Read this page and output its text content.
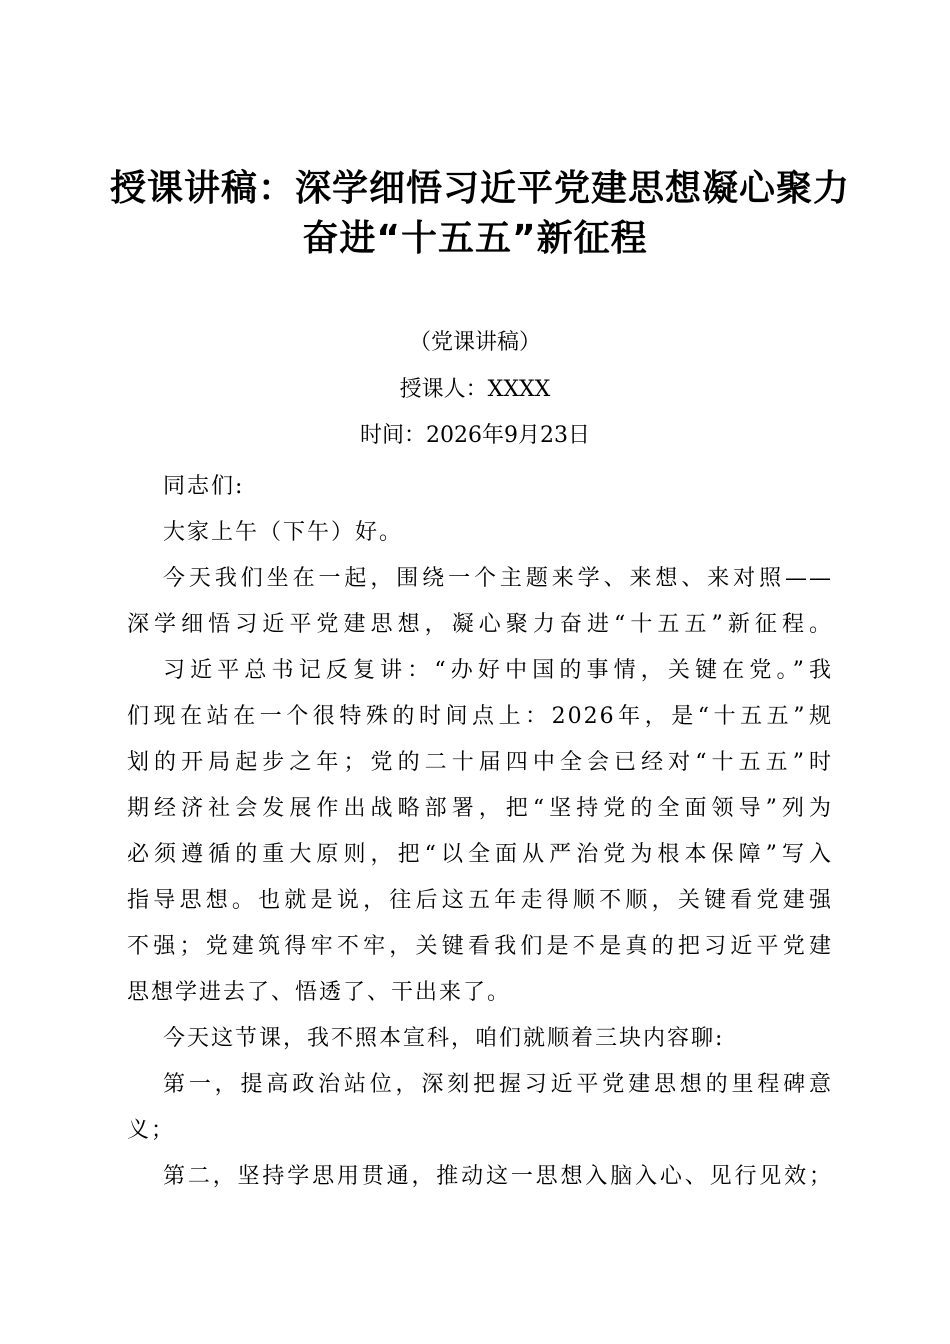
授课讲稿：深学细悟习近平党建思想凝心聚力
奋进“十五五”新征程
（党课讲稿）
授课人：XXXX
时间：2026年9月23日
同志们:
大家上午（下午）好。
今天我们坐在一起，围绕一个主题来学、来想、来对照——
深学细悟习近平党建思想，凝心聚力奋进“十五五”新征程。
习近平总书记反复讲：“办好中国的事情，关键在党。”我
们现在站在一个很特殊的时间点上：2026年，是“十五五”规
划的开局起步之年；党的二十届四中全会已经对“十五五”时
期经济社会发展作出战略部署，把“坚持党的全面领导”列为
必须遵循的重大原则，把“以全面从严治党为根本保障”写入
指导思想。也就是说，往后这五年走得顺不顺，关键看党建强
不强；党建筑得牢不牢，关键看我们是不是真的把习近平党建
思想学进去了、悟透了、干出来了。
今天这节课，我不照本宣科，咱们就顺着三块内容聊:
第一，提高政治站位，深刻把握习近平党建思想的里程碑意
义；
第二，坚持学思用贯通，推动这一思想入脑入心、见行见效；
